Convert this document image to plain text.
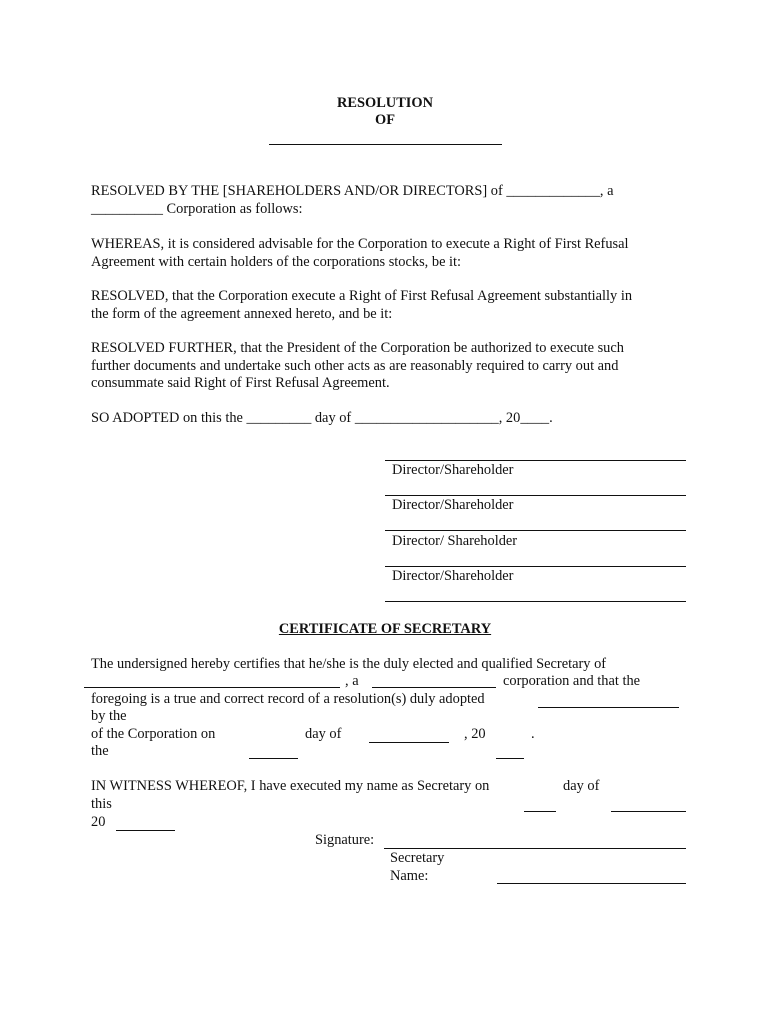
RESOLUTION
OF
RESOLVED BY THE [SHAREHOLDERS AND/OR DIRECTORS] of _____________, a
__________ Corporation as follows:
WHEREAS, it is considered advisable for the Corporation to execute a Right of First Refusal
Agreement with certain holders of the corporations stocks, be it:
RESOLVED, that the Corporation execute a Right of First Refusal Agreement substantially in
the form of the agreement annexed hereto, and be it:
RESOLVED FURTHER, that the President of the Corporation be authorized to execute such
further documents and undertake such other acts as are reasonably required to carry out and
consummate said Right of First Refusal Agreement.
SO ADOPTED on this the _________ day of ____________________, 20____.
Director/Shareholder
Director/Shareholder
Director/ Shareholder
Director/Shareholder
CERTIFICATE OF SECRETARY
The undersigned hereby certifies that he/she is the duly elected and qualified Secretary of
, a	corporation and that the
foregoing is a true and correct record of a resolution(s) duly adopted
by the
of the Corporation on	day of	, 20	.
the
IN WITNESS WHEREOF, I have executed my name as Secretary on	day of
this
20
Signature:
Secretary
Name:
